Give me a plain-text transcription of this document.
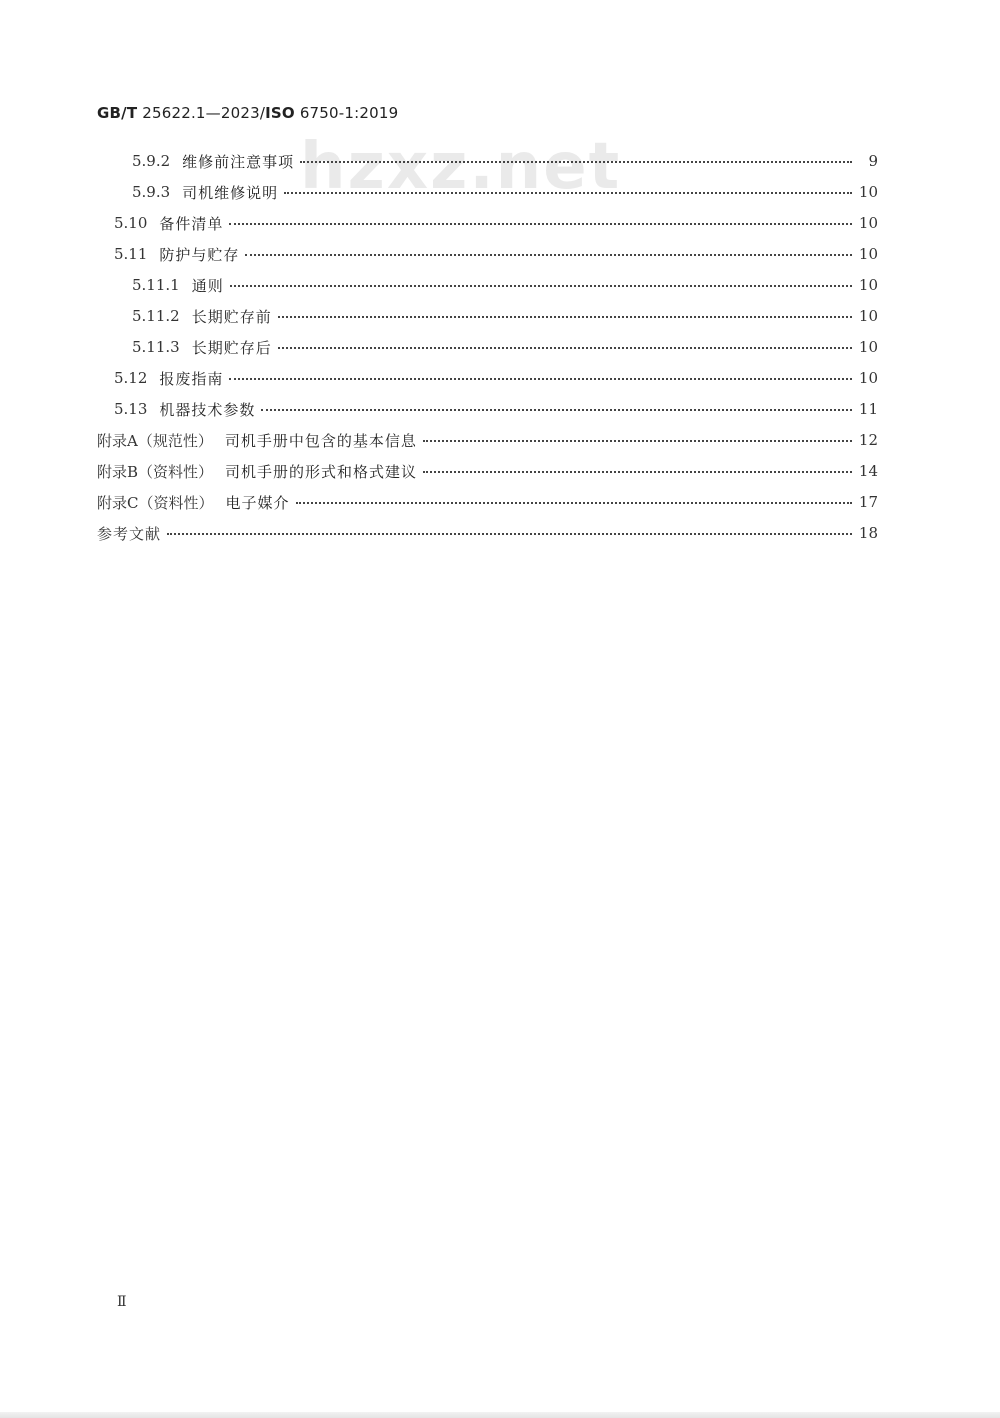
GB/T 25622.1—2023/ISO 6750-1:2019
hzxz.net
5.9.2 维修前注意事项	9
5.9.3 司机维修说明	10
5.10 备件清单	10
5.11 防护与贮存	10
5.11.1 通则	10
5.11.2 长期贮存前	10
5.11.3 长期贮存后	10
5.12 报废指南	10
5.13 机器技术参数	11
附录A（规范性） 司机手册中包含的基本信息	12
附录B（资料性） 司机手册的形式和格式建议	14
附录C（资料性） 电子媒介	17
参考文献	18
Ⅱ
